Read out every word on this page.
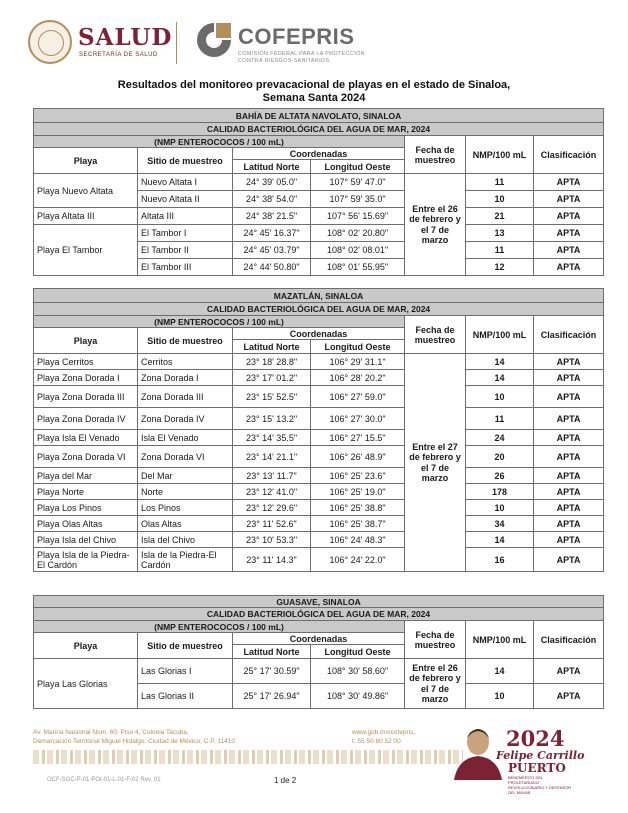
SALUD
SECRETARÍA DE SALUD
COFEPRIS
COMISIÓN FEDERAL PARA LA PROTECCIÓN
CONTRA RIESGOS SANITARIOS
Resultados del monitoreo prevacacional de playas en el estado de Sinaloa,
Semana Santa 2024
BAHÍA DE ALTATA NAVOLATO, SINALOA						
CALIDAD BACTERIOLÓGICA DEL AGUA DE MAR, 2024						
(NMP ENTEROCOCOS / 100 mL)				Fecha de muestreo	NMP/100 mL	Clasificación
Playa	Sitio de muestreo	Coordenadas				
		Latitud Norte	Longitud Oeste			
Playa Nuevo Altata	Nuevo Altata I	24° 39' 05.0"	107° 59' 47.0"	Entre el 26 de febrero y el 7 de marzo	11	APTA
	Nuevo Altata II	24° 38' 54.0"	107° 59' 35.0"		10	APTA
Playa Altata III	Altata III	24° 38' 21.5"	107° 56' 15.69"		21	APTA
Playa El Tambor	El Tambor I	24° 45' 16.37"	108° 02' 20.80"		13	APTA
	El Tambor II	24° 45' 03.79"	108° 02' 08.01"		11	APTA
	El Tambor III	24° 44' 50.80"	108° 01' 55.95"		12	APTA
MAZATLÁN, SINALOA						
CALIDAD BACTERIOLÓGICA DEL AGUA DE MAR, 2024						
(NMP ENTEROCOCOS / 100 mL)				Fecha de muestreo	NMP/100 mL	Clasificación
Playa	Sitio de muestreo	Coordenadas				
		Latitud Norte	Longitud Oeste			
Playa Cerritos	Cerritos	23° 18' 28.8"	106° 29' 31.1"	Entre el 27 de febrero y el 7 de marzo	14	APTA
Playa Zona Dorada I	Zona Dorada I	23° 17' 01.2"	106° 28' 20.2"		14	APTA
Playa Zona Dorada III	Zona Dorada III	23° 15' 52.5"	106° 27' 59.0"		10	APTA
Playa Zona Dorada IV	Zona Dorada IV	23° 15' 13.2"	106° 27' 30.0"		11	APTA
Playa Isla El Venado	Isla El Venado	23° 14' 35.5"	106° 27' 15.5"		24	APTA
Playa Zona Dorada VI	Zona Dorada VI	23° 14' 21.1"	106° 26' 48.9"		20	APTA
Playa del Mar	Del Mar	23° 13' 11.7"	106° 25' 23.6"		26	APTA
Playa Norte	Norte	23° 12' 41.0"	106° 25' 19.0"		178	APTA
Playa Los Pinos	Los Pinos	23° 12' 29.6"	106° 25' 38.8"		10	APTA
Playa Olas Altas	Olas Altas	23° 11' 52.6"	106° 25' 38.7"		34	APTA
Playa Isla del Chivo	Isla del Chivo	23° 10' 53.3"	106° 24' 48.3"		14	APTA
Playa Isla de la Piedra-El Cardón	Isla de la Piedra-El Cardón	23° 11' 14.3"	106° 24' 22.0"		16	APTA
GUASAVE, SINALOA						
CALIDAD BACTERIOLÓGICA DEL AGUA DE MAR, 2024						
(NMP ENTEROCOCOS / 100 mL)				Fecha de muestreo	NMP/100 mL	Clasificación
Playa	Sitio de muestreo	Coordenadas				
		Latitud Norte	Longitud Oeste			
Playa Las Glorias	Las Glorias I	25° 17' 30.59"	108° 30' 58.60"	Entre el 26 de febrero y el 7 de marzo	14	APTA
	Las Glorias II	25° 17' 26.94"	108° 30' 49.86"		10	APTA
Av. Marina Nacional Núm. 60, Piso 4, Colonia Tacuba,
Demarcación Territorial Miguel Hidalgo, Ciudad de México, C.P. 11410
www.gob.mx/cofepris,
t: 55 50 80 52 00	2024
Felipe Carrillo
PUERTO
BENEMÉRITO DEL PROLETARIADO, REVOLUCIONARIO Y DEFENSOR DEL MAYAB
OCF-SGC-P-01-POI-01-L-01-F-02 Rev. 01	1 de 2
